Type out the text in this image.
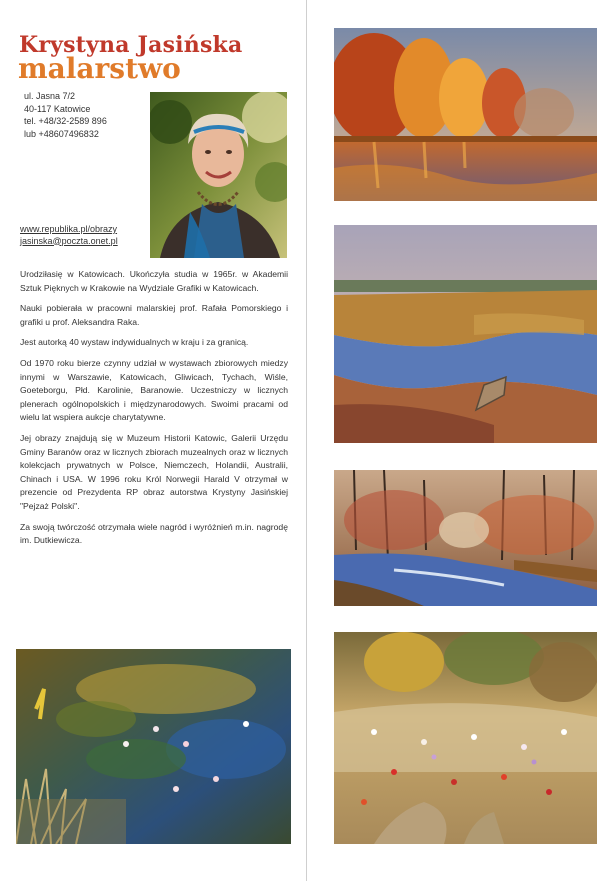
Krystyna Jasińska
malarstwo
ul. Jasna 7/2
40-117 Katowice
tel. +48/32-2589 896
lub +48607496832
www.republika.pl/obrazy
jasinska@poczta.onet.pl

Urodziłasię w Katowicach. Ukończyła studia w 1965r. w Akademii Sztuk Pięknych w Krakowie na Wydziale Grafiki w Katowicach.

Nauki pobierała w pracowni malarskiej prof. Rafała Pomorskiego i grafiki u prof. Aleksandra Raka.

Jest autorką 40 wystaw indywidualnych w kraju i za granicą.

Od 1970 roku bierze czynny udział w wystawach zbiorowych miedzy innymi w Warszawie, Katowicach, Gliwicach, Tychach, Wiśle, Goeteborgu, Płd. Karolinie, Baranowie. Uczestniczy w licznych plenerach ogólnopolskich i międzynarodowych. Swoimi pracami od wielu lat wspiera aukcje charytatywne.

Jej obrazy znajdują się w Muzeum Historii Katowic, Galerii Urzędu Gminy Baranów oraz w licznych zbiorach muzealnych oraz w licznych kolekcjach prywatnych w Polsce, Niemczech, Holandii, Australii, Chinach i USA. W 1996 roku Król Norwegii Harald V otrzymał w prezencie od Prezydenta RP obraz autorstwa Krystyny Jasińskiej "Pejzaż Polski".

Za swoją twórczość otrzymała wiele nagród i wyróżnień m.in. nagrodę im. Dutkiewicza.
